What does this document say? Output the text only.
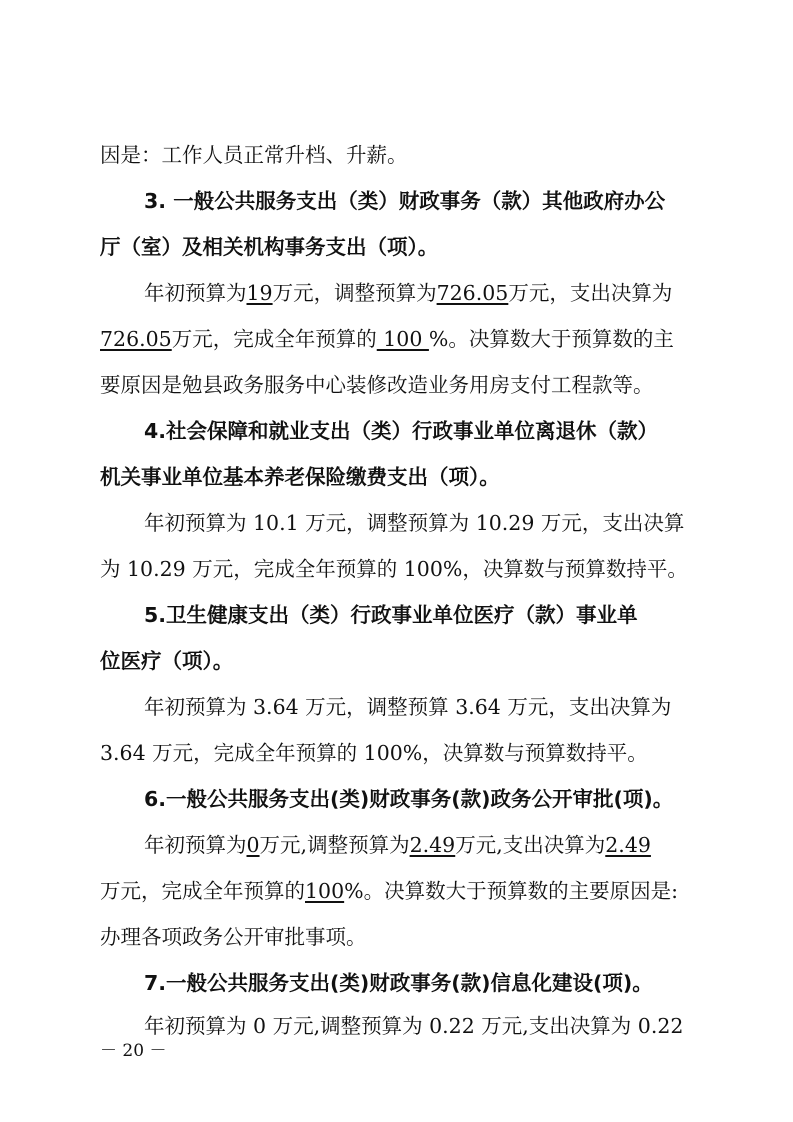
因是：工作人员正常升档、升薪。

3. 一般公共服务支出（类）财政事务（款）其他政府办公

厅（室）及相关机构事务支出（项）。

年初预算为19万元，调整预算为726.05万元，支出决算为

726.05万元，完成全年预算的 100 %。决算数大于预算数的主

要原因是勉县政务服务中心装修改造业务用房支付工程款等。

4.社会保障和就业支出（类）行政事业单位离退休（款）

机关事业单位基本养老保险缴费支出（项）。

年初预算为 10.1 万元，调整预算为 10.29 万元，支出决算

为 10.29 万元，完成全年预算的 100%，决算数与预算数持平。

5.卫生健康支出（类）行政事业单位医疗（款）事业单

位医疗（项）。

年初预算为 3.64 万元，调整预算 3.64 万元，支出决算为

3.64 万元，完成全年预算的 100%，决算数与预算数持平。

6.一般公共服务支出(类)财政事务(款)政务公开审批(项)。

年初预算为0万元,调整预算为2.49万元,支出决算为2.49

万元，完成全年预算的100%。决算数大于预算数的主要原因是:

办理各项政务公开审批事项。

7.一般公共服务支出(类)财政事务(款)信息化建设(项)。

年初预算为 0 万元,调整预算为 0.22 万元,支出决算为 0.22

－ 20 －
